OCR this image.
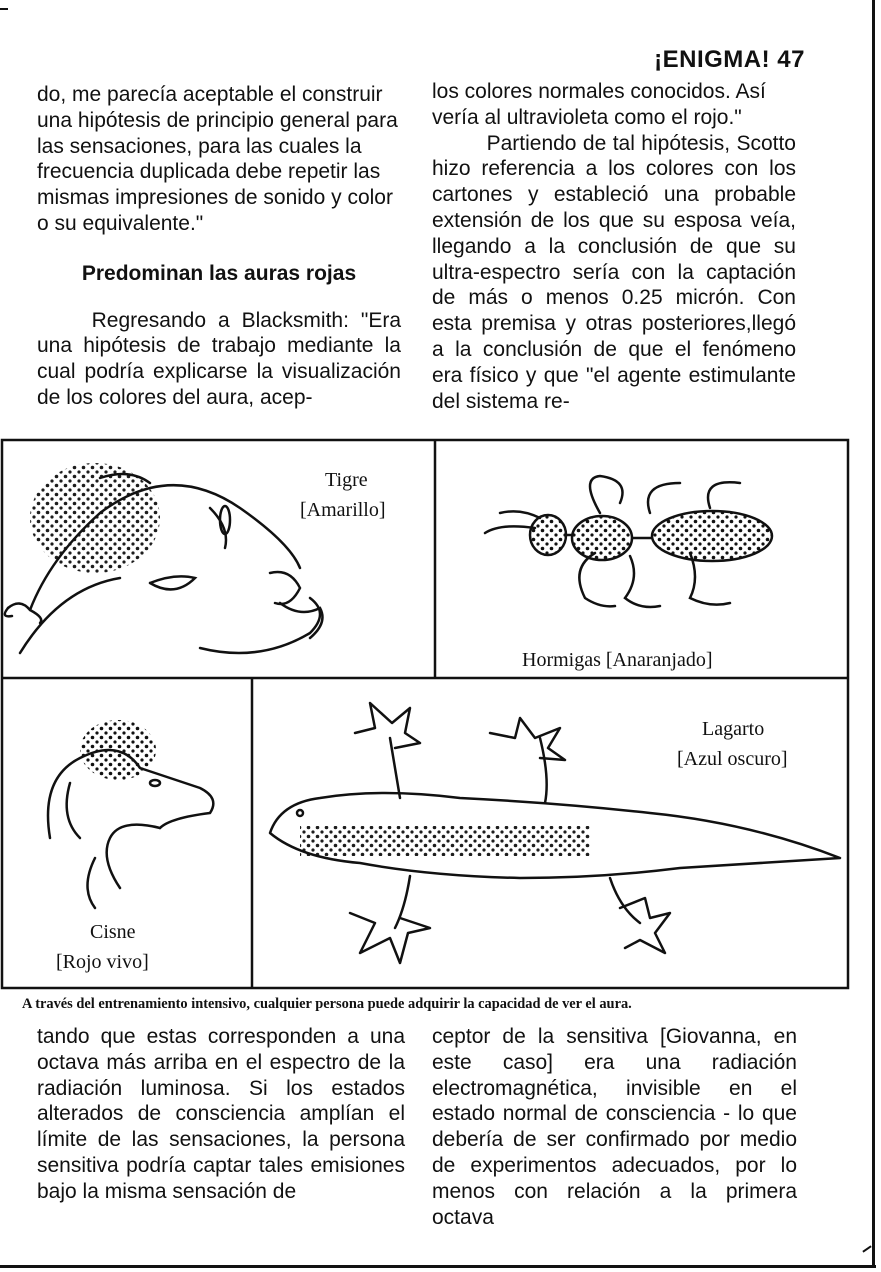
¡ENIGMA! 47

do, me parecía aceptable el construir una hipótesis de principio general para las sensaciones, para las cuales la frecuencia duplicada debe repetir las mismas impresiones de sonido y color o su equivalente."

Predominan las auras rojas

Regresando a Blacksmith: "Era una hipótesis de trabajo mediante la cual podría explicarse la visualización de los colores del aura, acep-

los colores normales conocidos. Así vería al ultravioleta como el rojo."

Partiendo de tal hipótesis, Scotto hizo referencia a los colores con los cartones y estableció una probable extensión de los que su esposa veía, llegando a la conclusión de que su ultra-espectro sería con la captación de más o menos 0.25 micrón. Con esta premisa y otras posteriores,llegó a la conclusión de que el fenómeno era físico y que "el agente estimulante del sistema re-

Tigre
[Amarillo]
Hormigas [Anaranjado]
Cisne
[Rojo vivo]
Lagarto
[Azul oscuro]
A través del entrenamiento intensivo, cualquier persona puede adquirir la capacidad de ver el aura.

tando que estas corresponden a una octava más arriba en el espectro de la radiación luminosa. Si los estados alterados de consciencia amplían el límite de las sensaciones, la persona sensitiva podría captar tales emisiones bajo la misma sensación de

ceptor de la sensitiva [Giovanna, en este caso] era una radiación electromagnética, invisible en el estado normal de consciencia - lo que debería de ser confirmado por medio de experimentos adecuados, por lo menos con relación a la primera octava
